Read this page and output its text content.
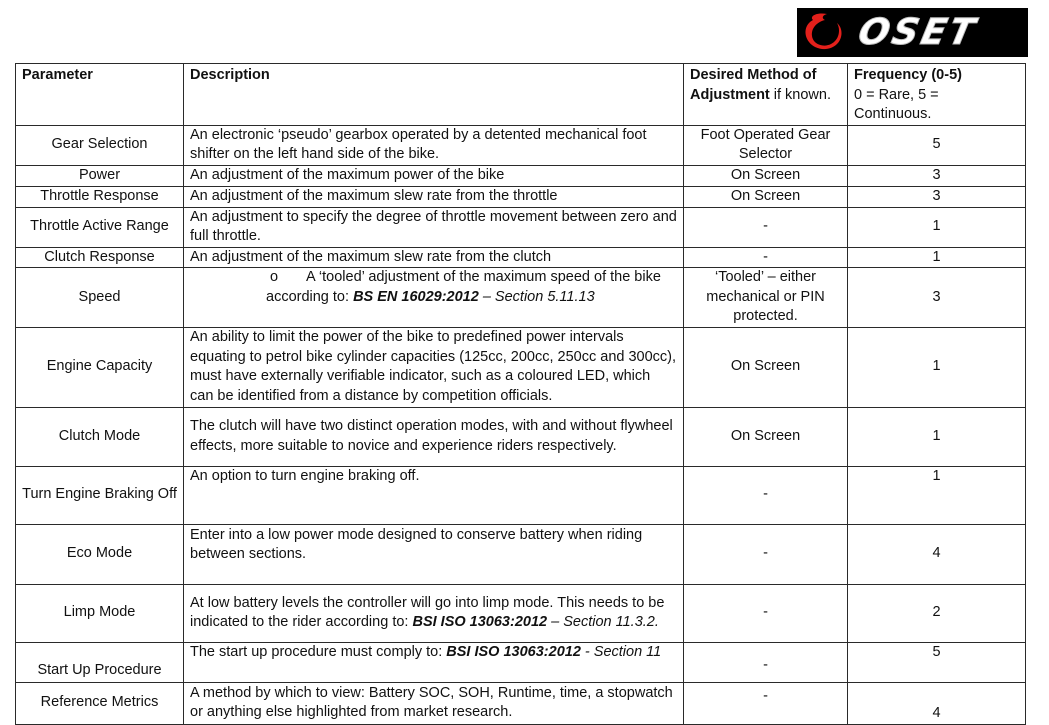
OSET
Parameter	Description	Desired Method of Adjustment if known.	Frequency (0-5)
0 = Rare, 5 = Continuous.
Gear Selection	An electronic ‘pseudo’ gearbox operated by a detented mechanical foot shifter on the left hand side of the bike.	Foot Operated Gear Selector	5
Power	An adjustment of the maximum power of the bike	On Screen	3
Throttle Response	An adjustment of the maximum slew rate from the throttle	On Screen	3
Throttle Active Range	An adjustment to specify the degree of throttle movement between zero and full throttle.	-	1
Clutch Response	An adjustment of the maximum slew rate from the clutch	-	1
Speed	o A ‘tooled’ adjustment of the maximum speed of the bike according to: BS EN 16029:2012 – Section 5.11.13	‘Tooled’ – either mechanical or PIN protected.	3
Engine Capacity	An ability to limit the power of the bike to predefined power intervals equating to petrol bike cylinder capacities (125cc, 200cc, 250cc and 300cc), must have externally verifiable indicator, such as a coloured LED, which can be identified from a distance by competition officials.	On Screen	1
Clutch Mode	The clutch will have two distinct operation modes, with and without flywheel effects, more suitable to novice and experience riders respectively.	On Screen	1
Turn Engine Braking Off	An option to turn engine braking off.	-	1
Eco Mode	Enter into a low power mode designed to conserve battery when riding between sections.	-	4
Limp Mode	At low battery levels the controller will go into limp mode. This needs to be indicated to the rider according to: BSI ISO 13063:2012 – Section 11.3.2.	-	2
Start Up Procedure	The start up procedure must comply to: BSI ISO 13063:2012 - Section 11	-	5
Reference Metrics	A method by which to view: Battery SOC, SOH, Runtime, time, a stopwatch or anything else highlighted from market research.	-	4
